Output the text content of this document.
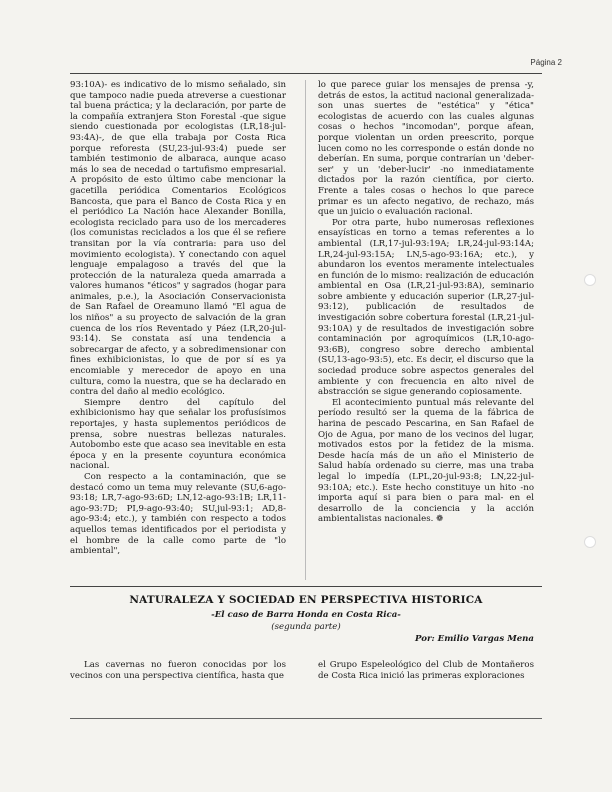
Página 2

93:10A)- es indicativo de lo mismo señalado, sin que tampoco nadie pueda atreverse a cuestionar tal buena práctica; y la declaración, por parte de la compañía extranjera Ston Forestal -que sigue siendo cuestionada por ecologistas (LR,18-jul-93:4A)-, de que ella trabaja por Costa Rica porque reforesta (SU,23-jul-93:4) puede ser también testimonio de albaraca, aunque acaso más lo sea de necedad o tartufismo empresarial. A propósito de esto último cabe mencionar la gacetilla periódica Comentarios Ecológicos Bancosta, que para el Banco de Costa Rica y en el periódico La Nación hace Alexander Bonilla, ecologista reciclado para uso de los mercaderes (los comunistas reciclados a los que él se refiere transitan por la vía contraria: para uso del movimiento ecologista). Y conectando con aquel lenguaje empalagoso a través del que la protección de la naturaleza queda amarrada a valores humanos "éticos" y sagrados (hogar para animales, p.e.), la Asociación Conservacionista de San Rafael de Oreamuno llamó "El agua de los niños" a su proyecto de salvación de la gran cuenca de los ríos Reventado y Páez (LR,20-jul-93:14). Se constata así una tendencia a sobrecargar de afecto, y a sobredimensionar con fines exhibicionistas, lo que de por sí es ya encomiable y merecedor de apoyo en una cultura, como la nuestra, que se ha declarado en contra del daño al medio ecológico.

Siempre dentro del capítulo del exhibicionismo hay que señalar los profusísimos reportajes, y hasta suplementos periódicos de prensa, sobre nuestras bellezas naturales. Autobombo este que acaso sea inevitable en esta época y en la presente coyuntura económica nacional.

Con respecto a la contaminación, que se destacó como un tema muy relevante (SU,6-ago-93:18; LR,7-ago-93:6D; LN,12-ago-93:1B; LR,11-ago-93:7D; PI,9-ago-93:40; SU,jul-93:1; AD,8-ago-93:4; etc.), y también con respecto a todos aquellos temas identificados por el periodista y el hombre de la calle como parte de "lo ambiental",

lo que parece guiar los mensajes de prensa -y, detrás de estos, la actitud nacional generalizada- son unas suertes de "estética" y "ética" ecologistas de acuerdo con las cuales algunas cosas o hechos "incomodan", porque afean, porque violentan un orden preescrito, porque lucen como no les corresponde o están donde no deberían. En suma, porque contrarían un 'deber-ser' y un 'deber-lucir' -no inmediatamente dictados por la razón científica, por cierto. Frente a tales cosas o hechos lo que parece primar es un afecto negativo, de rechazo, más que un juicio o evaluación racional.

Por otra parte, hubo numerosas reflexiones ensayísticas en torno a temas referentes a lo ambiental (LR,17-jul-93:19A; LR,24-jul-93:14A; LR,24-jul-93:15A; LN,5-ago-93:16A; etc.), y abundaron los eventos meramente intelectuales en función de lo mismo: realización de educación ambiental en Osa (LR,21-jul-93:8A), seminario sobre ambiente y educación superior (LR,27-jul-93:12), publicación de resultados de investigación sobre cobertura forestal (LR,21-jul-93:10A) y de resultados de investigación sobre contaminación por agroquímicos (LR,10-ago-93:6B), congreso sobre derecho ambiental (SU,13-ago-93:5), etc. Es decir, el discurso que la sociedad produce sobre aspectos generales del ambiente y con frecuencia en alto nivel de abstracción se sigue generando copiosamente.

El acontecimiento puntual más relevante del período resultó ser la quema de la fábrica de harina de pescado Pescarina, en San Rafael de Ojo de Agua, por mano de los vecinos del lugar, motivados estos por la fetidez de la misma. Desde hacía más de un año el Ministerio de Salud había ordenado su cierre, mas una traba legal lo impedía (LPL,20-jul-93:8; LN,22-jul-93:10A; etc.). Este hecho constituye un hito -no importa aquí si para bien o para mal- en el desarrollo de la conciencia y la acción ambientalistas nacionales. ❁

NATURALEZA Y SOCIEDAD EN PERSPECTIVA HISTORICA
-El caso de Barra Honda en Costa Rica-
(segunda parte)
Por: Emilio Vargas Mena

Las cavernas no fueron conocidas por los vecinos con una perspectiva científica, hasta que

el Grupo Espeleológico del Club de Montañeros de Costa Rica inició las primeras exploraciones
